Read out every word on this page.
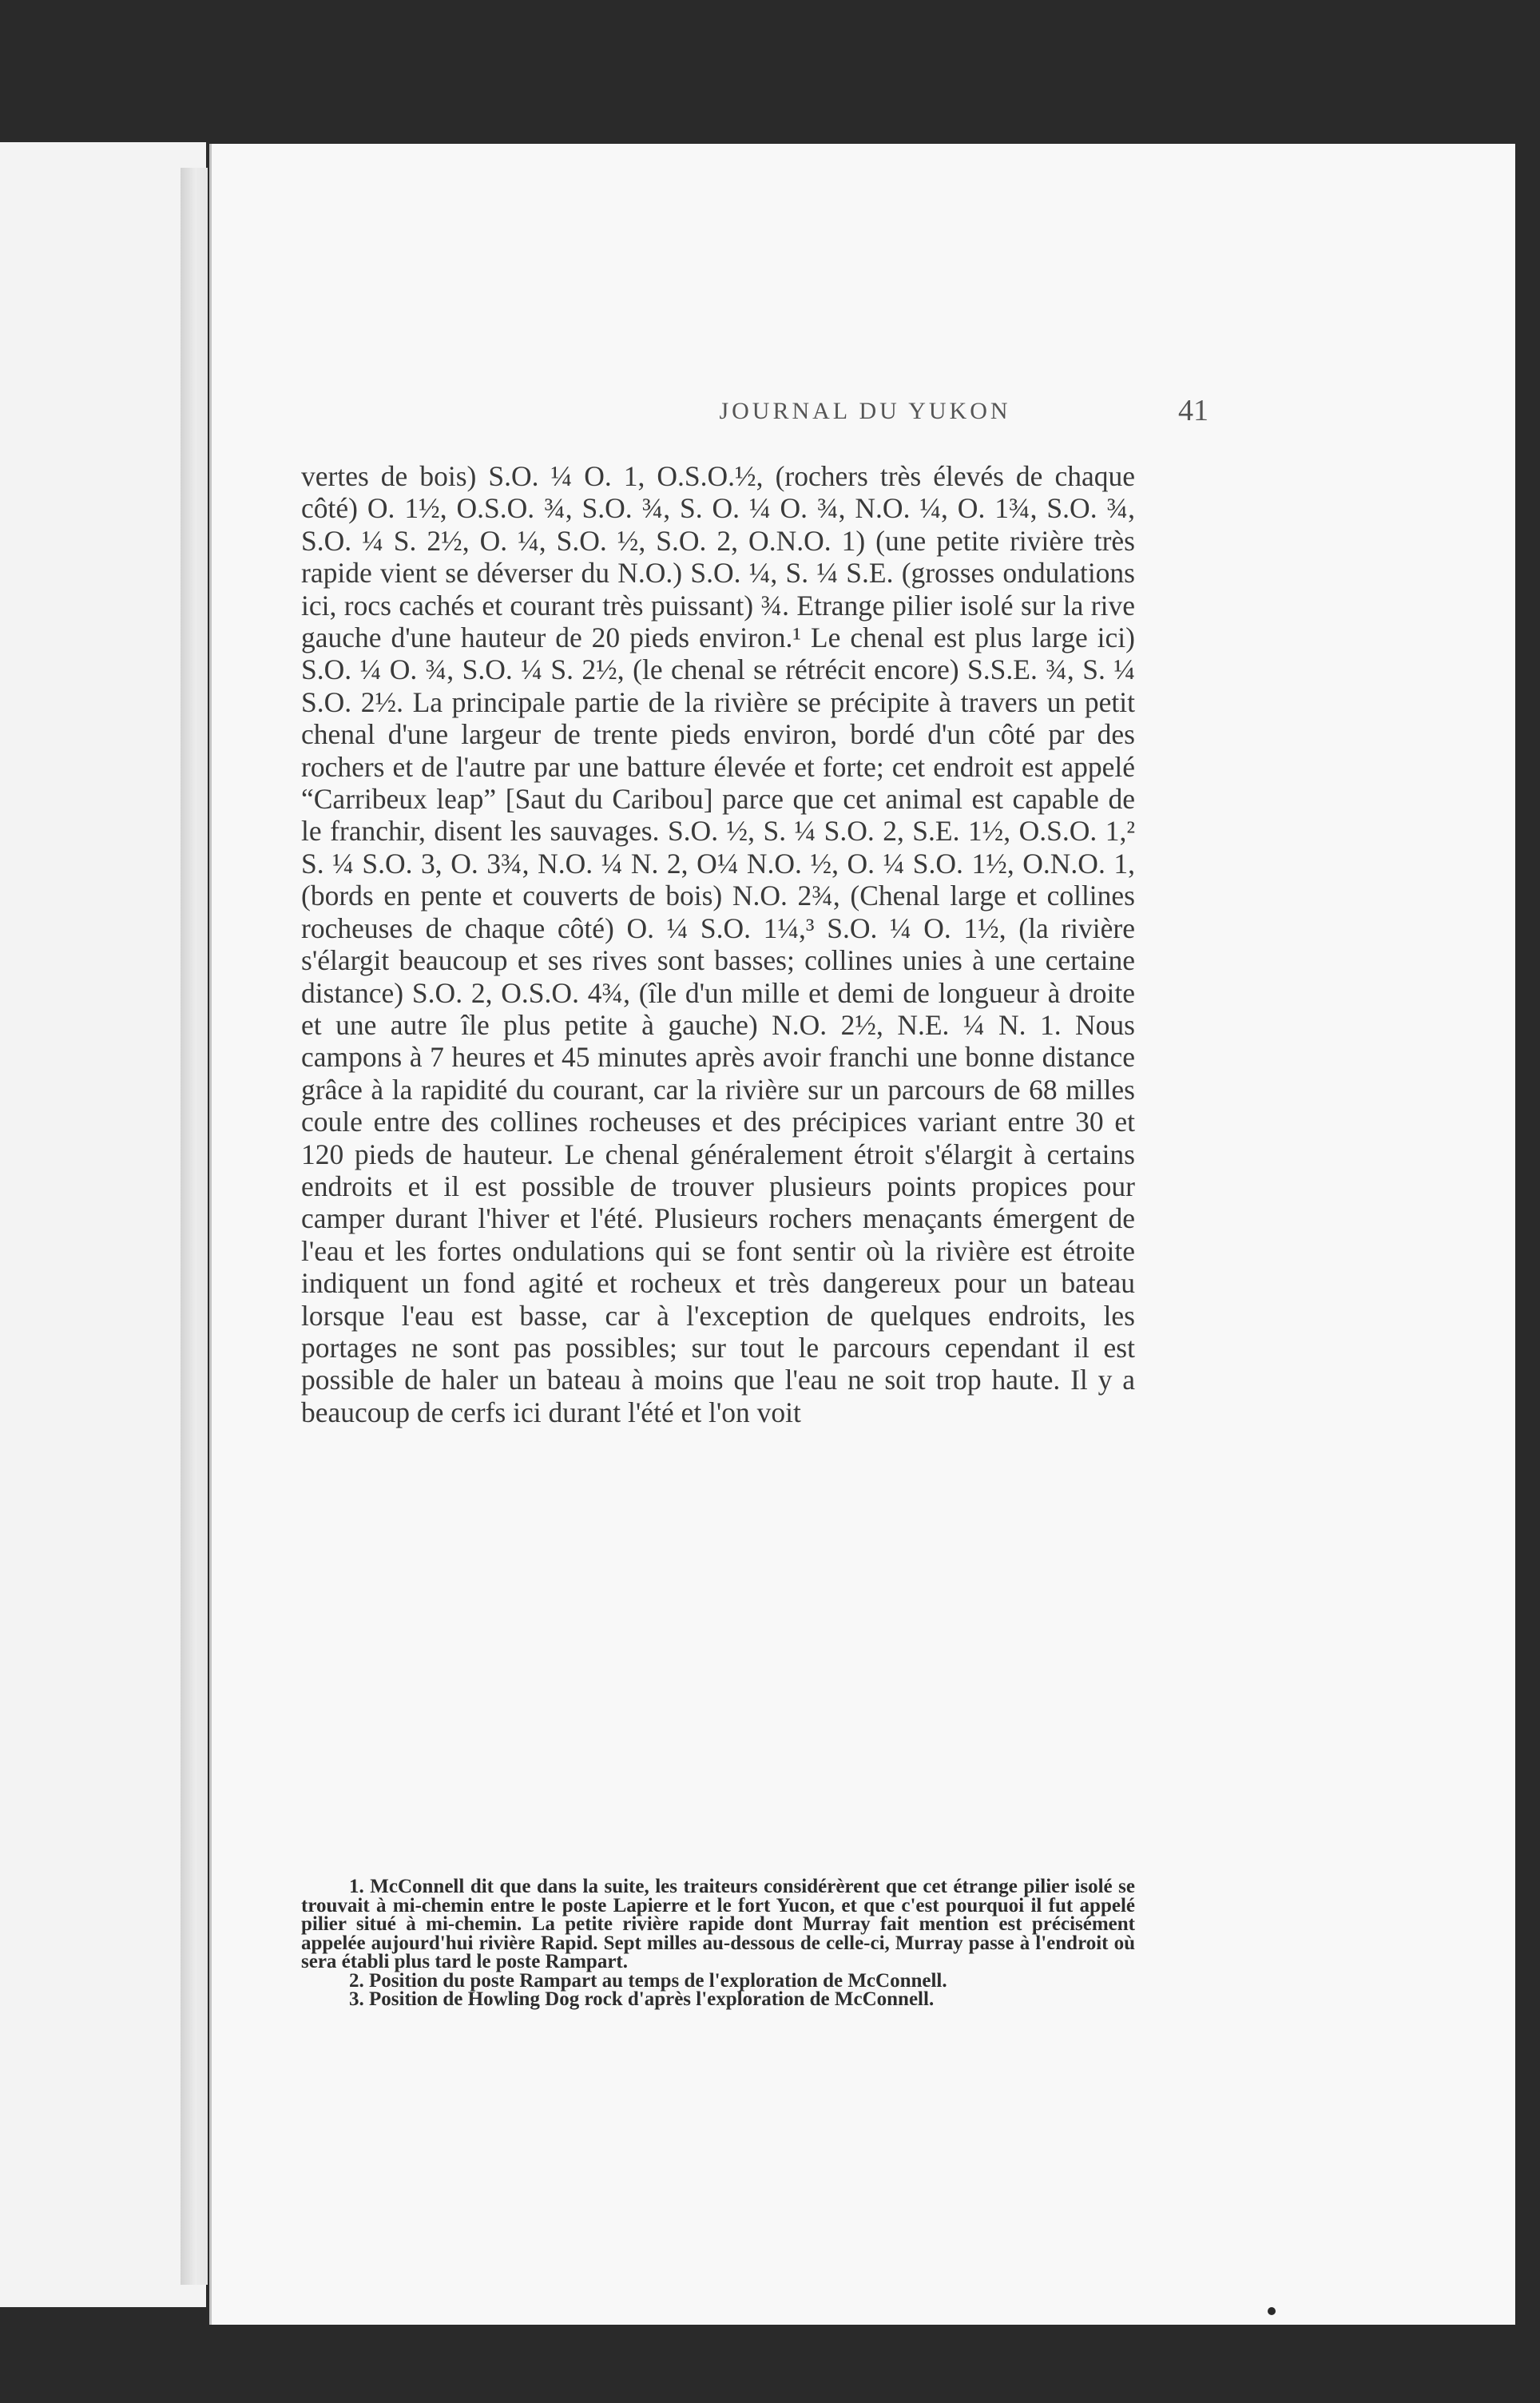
JOURNAL DU YUKON	41

vertes de bois) S.O. ¼ O. 1, O.S.O.½, (rochers très élevés de chaque côté) O. 1½, O.S.O. ¾, S.O. ¾, S. O. ¼ O. ¾, N.O. ¼, O. 1¾, S.O. ¾, S.O. ¼ S. 2½, O. ¼, S.O. ½, S.O. 2, O.N.O. 1) (une petite rivière très rapide vient se déverser du N.O.) S.O. ¼, S. ¼ S.E. (grosses ondulations ici, rocs cachés et courant très puissant) ¾. Etrange pilier isolé sur la rive gauche d'une hauteur de 20 pieds environ.¹ Le chenal est plus large ici) S.O. ¼ O. ¾, S.O. ¼ S. 2½, (le chenal se rétrécit encore) S.S.E. ¾, S. ¼ S.O. 2½. La principale partie de la rivière se précipite à travers un petit chenal d'une largeur de trente pieds environ, bordé d'un côté par des rochers et de l'autre par une batture élevée et forte; cet endroit est appelé “Carribeux leap” [Saut du Caribou] parce que cet animal est capable de le franchir, disent les sauvages. S.O. ½, S. ¼ S.O. 2, S.E. 1½, O.S.O. 1,² S. ¼ S.O. 3, O. 3¾, N.O. ¼ N. 2, O¼ N.O. ½, O. ¼ S.O. 1½, O.N.O. 1, (bords en pente et couverts de bois) N.O. 2¾, (Chenal large et collines rocheuses de chaque côté) O. ¼ S.O. 1¼,³ S.O. ¼ O. 1½, (la rivière s'élargit beaucoup et ses rives sont basses; collines unies à une certaine distance) S.O. 2, O.S.O. 4¾, (île d'un mille et demi de longueur à droite et une autre île plus petite à gauche) N.O. 2½, N.E. ¼ N. 1. Nous campons à 7 heures et 45 minutes après avoir franchi une bonne distance grâce à la rapidité du courant, car la rivière sur un parcours de 68 milles coule entre des collines rocheuses et des précipices variant entre 30 et 120 pieds de hauteur. Le chenal généralement étroit s'élargit à certains endroits et il est possible de trouver plusieurs points propices pour camper durant l'hiver et l'été. Plusieurs rochers menaçants émergent de l'eau et les fortes ondulations qui se font sentir où la rivière est étroite indiquent un fond agité et rocheux et très dangereux pour un bateau lorsque l'eau est basse, car à l'exception de quelques endroits, les portages ne sont pas possibles; sur tout le parcours cependant il est possible de haler un bateau à moins que l'eau ne soit trop haute. Il y a beaucoup de cerfs ici durant l'été et l'on voit

1. McConnell dit que dans la suite, les traiteurs considérèrent que cet étrange pilier isolé se trouvait à mi-chemin entre le poste Lapierre et le fort Yucon, et que c'est pourquoi il fut appelé pilier situé à mi-chemin. La petite rivière rapide dont Murray fait mention est précisément appelée aujourd'hui rivière Rapid. Sept milles au-dessous de celle-ci, Murray passe à l'endroit où sera établi plus tard le poste Rampart.

2. Position du poste Rampart au temps de l'exploration de McConnell.

3. Position de Howling Dog rock d'après l'exploration de McConnell.
